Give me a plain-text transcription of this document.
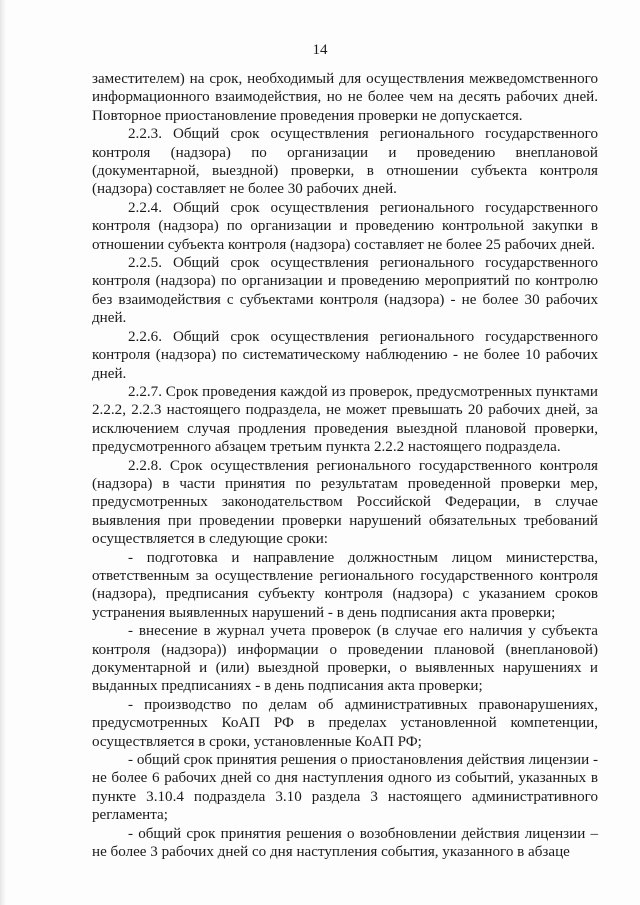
14

заместителем) на срок, необходимый для осуществления межведомственного информационного взаимодействия, но не более чем на десять рабочих дней. Повторное приостановление проведения проверки не допускается.

2.2.3. Общий срок осуществления регионального государственного контроля (надзора) по организации и проведению внеплановой (документарной, выездной) проверки, в отношении субъекта контроля (надзора) составляет не более 30 рабочих дней.

2.2.4. Общий срок осуществления регионального государственного контроля (надзора) по организации и проведению контрольной закупки в отношении субъекта контроля (надзора) составляет не более 25 рабочих дней.

2.2.5. Общий срок осуществления регионального государственного контроля (надзора) по организации и проведению мероприятий по контролю без взаимодействия с субъектами контроля (надзора) - не более 30 рабочих дней.

2.2.6. Общий срок осуществления регионального государственного контроля (надзора) по систематическому наблюдению - не более 10 рабочих дней.

2.2.7. Срок проведения каждой из проверок, предусмотренных пунктами 2.2.2, 2.2.3 настоящего подраздела, не может превышать 20 рабочих дней, за исключением случая продления проведения выездной плановой проверки, предусмотренного абзацем третьим пункта 2.2.2 настоящего подраздела.

2.2.8. Срок осуществления регионального государственного контроля (надзора) в части принятия по результатам проведенной проверки мер, предусмотренных законодательством Российской Федерации, в случае выявления при проведении проверки нарушений обязательных требований осуществляется в следующие сроки:

- подготовка и направление должностным лицом министерства, ответственным за осуществление регионального государственного контроля (надзора), предписания субъекту контроля (надзора) с указанием сроков устранения выявленных нарушений - в день подписания акта проверки;

- внесение в журнал учета проверок (в случае его наличия у субъекта контроля (надзора)) информации о проведении плановой (внеплановой) документарной и (или) выездной проверки, о выявленных нарушениях и выданных предписаниях - в день подписания акта проверки;

- производство по делам об административных правонарушениях, предусмотренных КоАП РФ в пределах установленной компетенции, осуществляется в сроки, установленные КоАП РФ;

- общий срок принятия решения о приостановления действия лицензии - не более 6 рабочих дней со дня наступления одного из событий, указанных в пункте 3.10.4 подраздела 3.10 раздела 3 настоящего административного регламента;

- общий срок принятия решения о возобновлении действия лицензии – не более 3 рабочих дней со дня наступления события, указанного в абзаце
